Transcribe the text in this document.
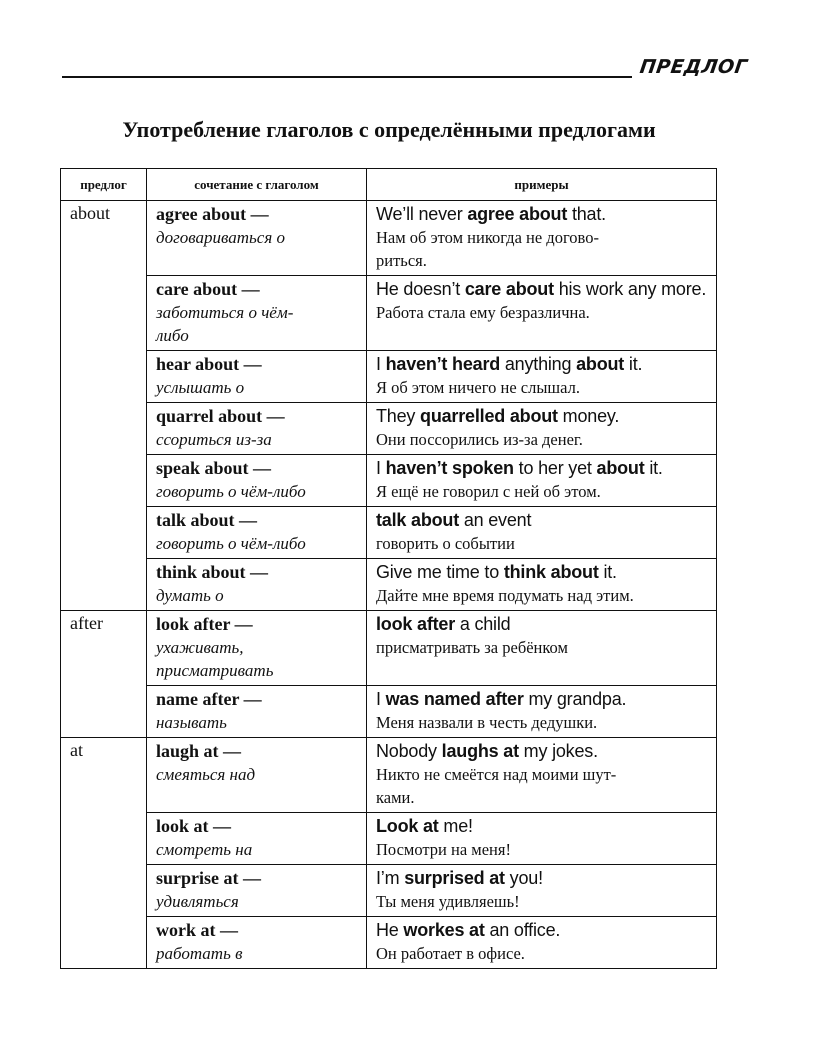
ПРЕДЛОГ
Употребление глаголов с определёнными предлогами
предлог	сочетание с глаголом	примеры
about	agree about —
договариваться о	We’ll never agree about that.
Нам об этом никогда не догово-
риться.

	care about —
заботиться о чём-
либо	He doesn’t care about his work any more.
Работа стала ему безразлична.

	hear about —
услышать о	I haven’t heard anything about it.
Я об этом ничего не слышал.

	quarrel about —
ссориться из-за	They quarrelled about money.
Они поссорились из-за денег.

	speak about —
говорить о чём-либо	I haven’t spoken to her yet about it.
Я ещё не говорил с ней об этом.

	talk about —
говорить о чём-либо	talk about an event
говорить о событии

	think about —
думать о	Give me time to think about it.
Дайте мне время подумать над этим.

after	look after —
ухаживать,
присматривать	look after a child
присматривать за ребёнком

	name after —
называть	I was named after my grandpa.
Меня назвали в честь дедушки.

at	laugh at —
смеяться над	Nobody laughs at my jokes.
Никто не смеётся над моими шут-
ками.

	look at —
смотреть на	Look at me!
Посмотри на меня!

	surprise at —
удивляться	I’m surprised at you!
Ты меня удивляешь!

	work at —
работать в	He workes at an office.
Он работает в офисе.
